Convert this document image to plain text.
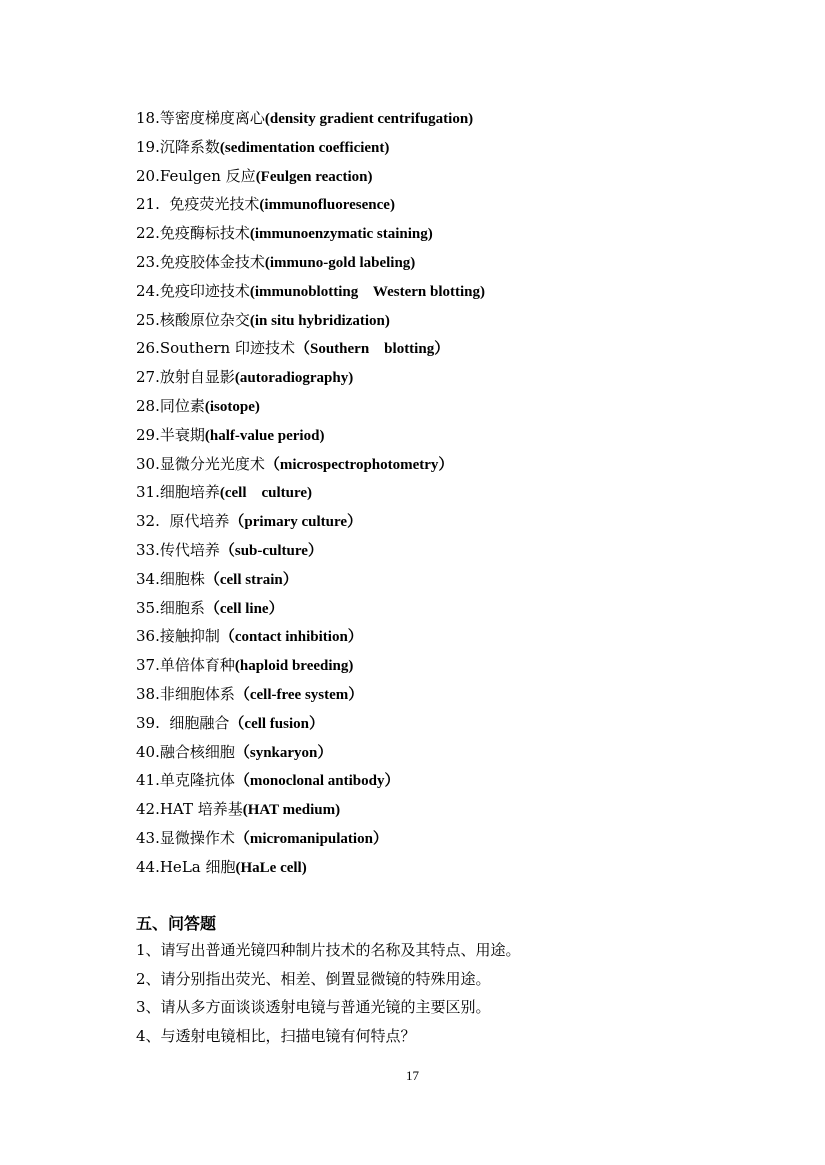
18.等密度梯度离心(density gradient centrifugation)
19.沉降系数(sedimentation coefficient)
20.Feulgen 反应(Feulgen reaction)
21.  免疫荧光技术(immunofluoresence)
22.免疫酶标技术(immunoenzymatic staining)
23.免疫胶体金技术(immuno-gold labeling)
24.免疫印迹技术(immunoblotting    Western blotting)
25.核酸原位杂交(in situ hybridization)
26.Southern 印迹技术（Southern    blotting）
27.放射自显影(autoradiography)
28.同位素(isotope)
29.半衰期(half-value period)
30.显微分光光度术（microspectrophotometry）
31.细胞培养(cell    culture)
32.  原代培养（primary culture）
33.传代培养（sub-culture）
34.细胞株（cell strain）
35.细胞系（cell line）
36.接触抑制（contact inhibition）
37.单倍体育种(haploid breeding)
38.非细胞体系（cell-free system）
39.  细胞融合（cell fusion）
40.融合核细胞（synkaryon）
41.单克隆抗体（monoclonal antibody）
42.HAT 培养基(HAT medium)
43.显微操作术（micromanipulation）
44.HeLa 细胞(HaLe cell)
五、问答题
1、请写出普通光镜四种制片技术的名称及其特点、用途。
2、请分别指出荧光、相差、倒置显微镜的特殊用途。
3、请从多方面谈谈透射电镜与普通光镜的主要区别。
4、与透射电镜相比，扫描电镜有何特点？
17
